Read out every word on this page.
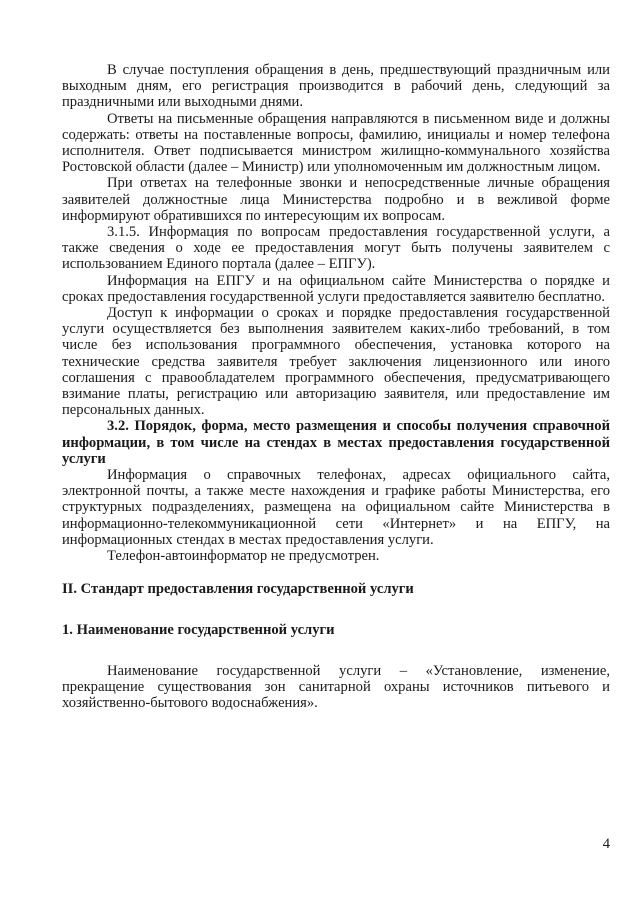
В случае поступления обращения в день, предшествующий праздничным или выходным дням, его регистрация производится в рабочий день, следующий за праздничными или выходными днями.

Ответы на письменные обращения направляются в письменном виде и должны содержать: ответы на поставленные вопросы, фамилию, инициалы и номер телефона исполнителя. Ответ подписывается министром жилищно-коммунального хозяйства Ростовской области (далее – Министр) или уполномоченным им должностным лицом.

При ответах на телефонные звонки и непосредственные личные обращения заявителей должностные лица Министерства подробно и в вежливой форме информируют обратившихся по интересующим их вопросам.

3.1.5. Информация по вопросам предоставления государственной услуги, а также сведения о ходе ее предоставления могут быть получены заявителем с использованием Единого портала (далее – ЕПГУ).

Информация на ЕПГУ и на официальном сайте Министерства о порядке и сроках предоставления государственной услуги предоставляется заявителю бесплатно.

Доступ к информации о сроках и порядке предоставления государственной услуги осуществляется без выполнения заявителем каких-либо требований, в том числе без использования программного обеспечения, установка которого на технические средства заявителя требует заключения лицензионного или иного соглашения с правообладателем программного обеспечения, предусматривающего взимание платы, регистрацию или авторизацию заявителя, или предоставление им персональных данных.

3.2. Порядок, форма, место размещения и способы получения справочной информации, в том числе на стендах в местах предоставления государственной услуги

Информация о справочных телефонах, адресах официального сайта, электронной почты, а также месте нахождения и графике работы Министерства, его структурных подразделениях, размещена на официальном сайте Министерства в информационно-телекоммуникационной сети «Интернет» и на ЕПГУ, на информационных стендах в местах предоставления услуги.

Телефон-автоинформатор не предусмотрен.

II. Стандарт предоставления государственной услуги

1. Наименование государственной услуги

Наименование государственной услуги – «Установление, изменение, прекращение существования зон санитарной охраны источников питьевого и хозяйственно-бытового водоснабжения».

4
